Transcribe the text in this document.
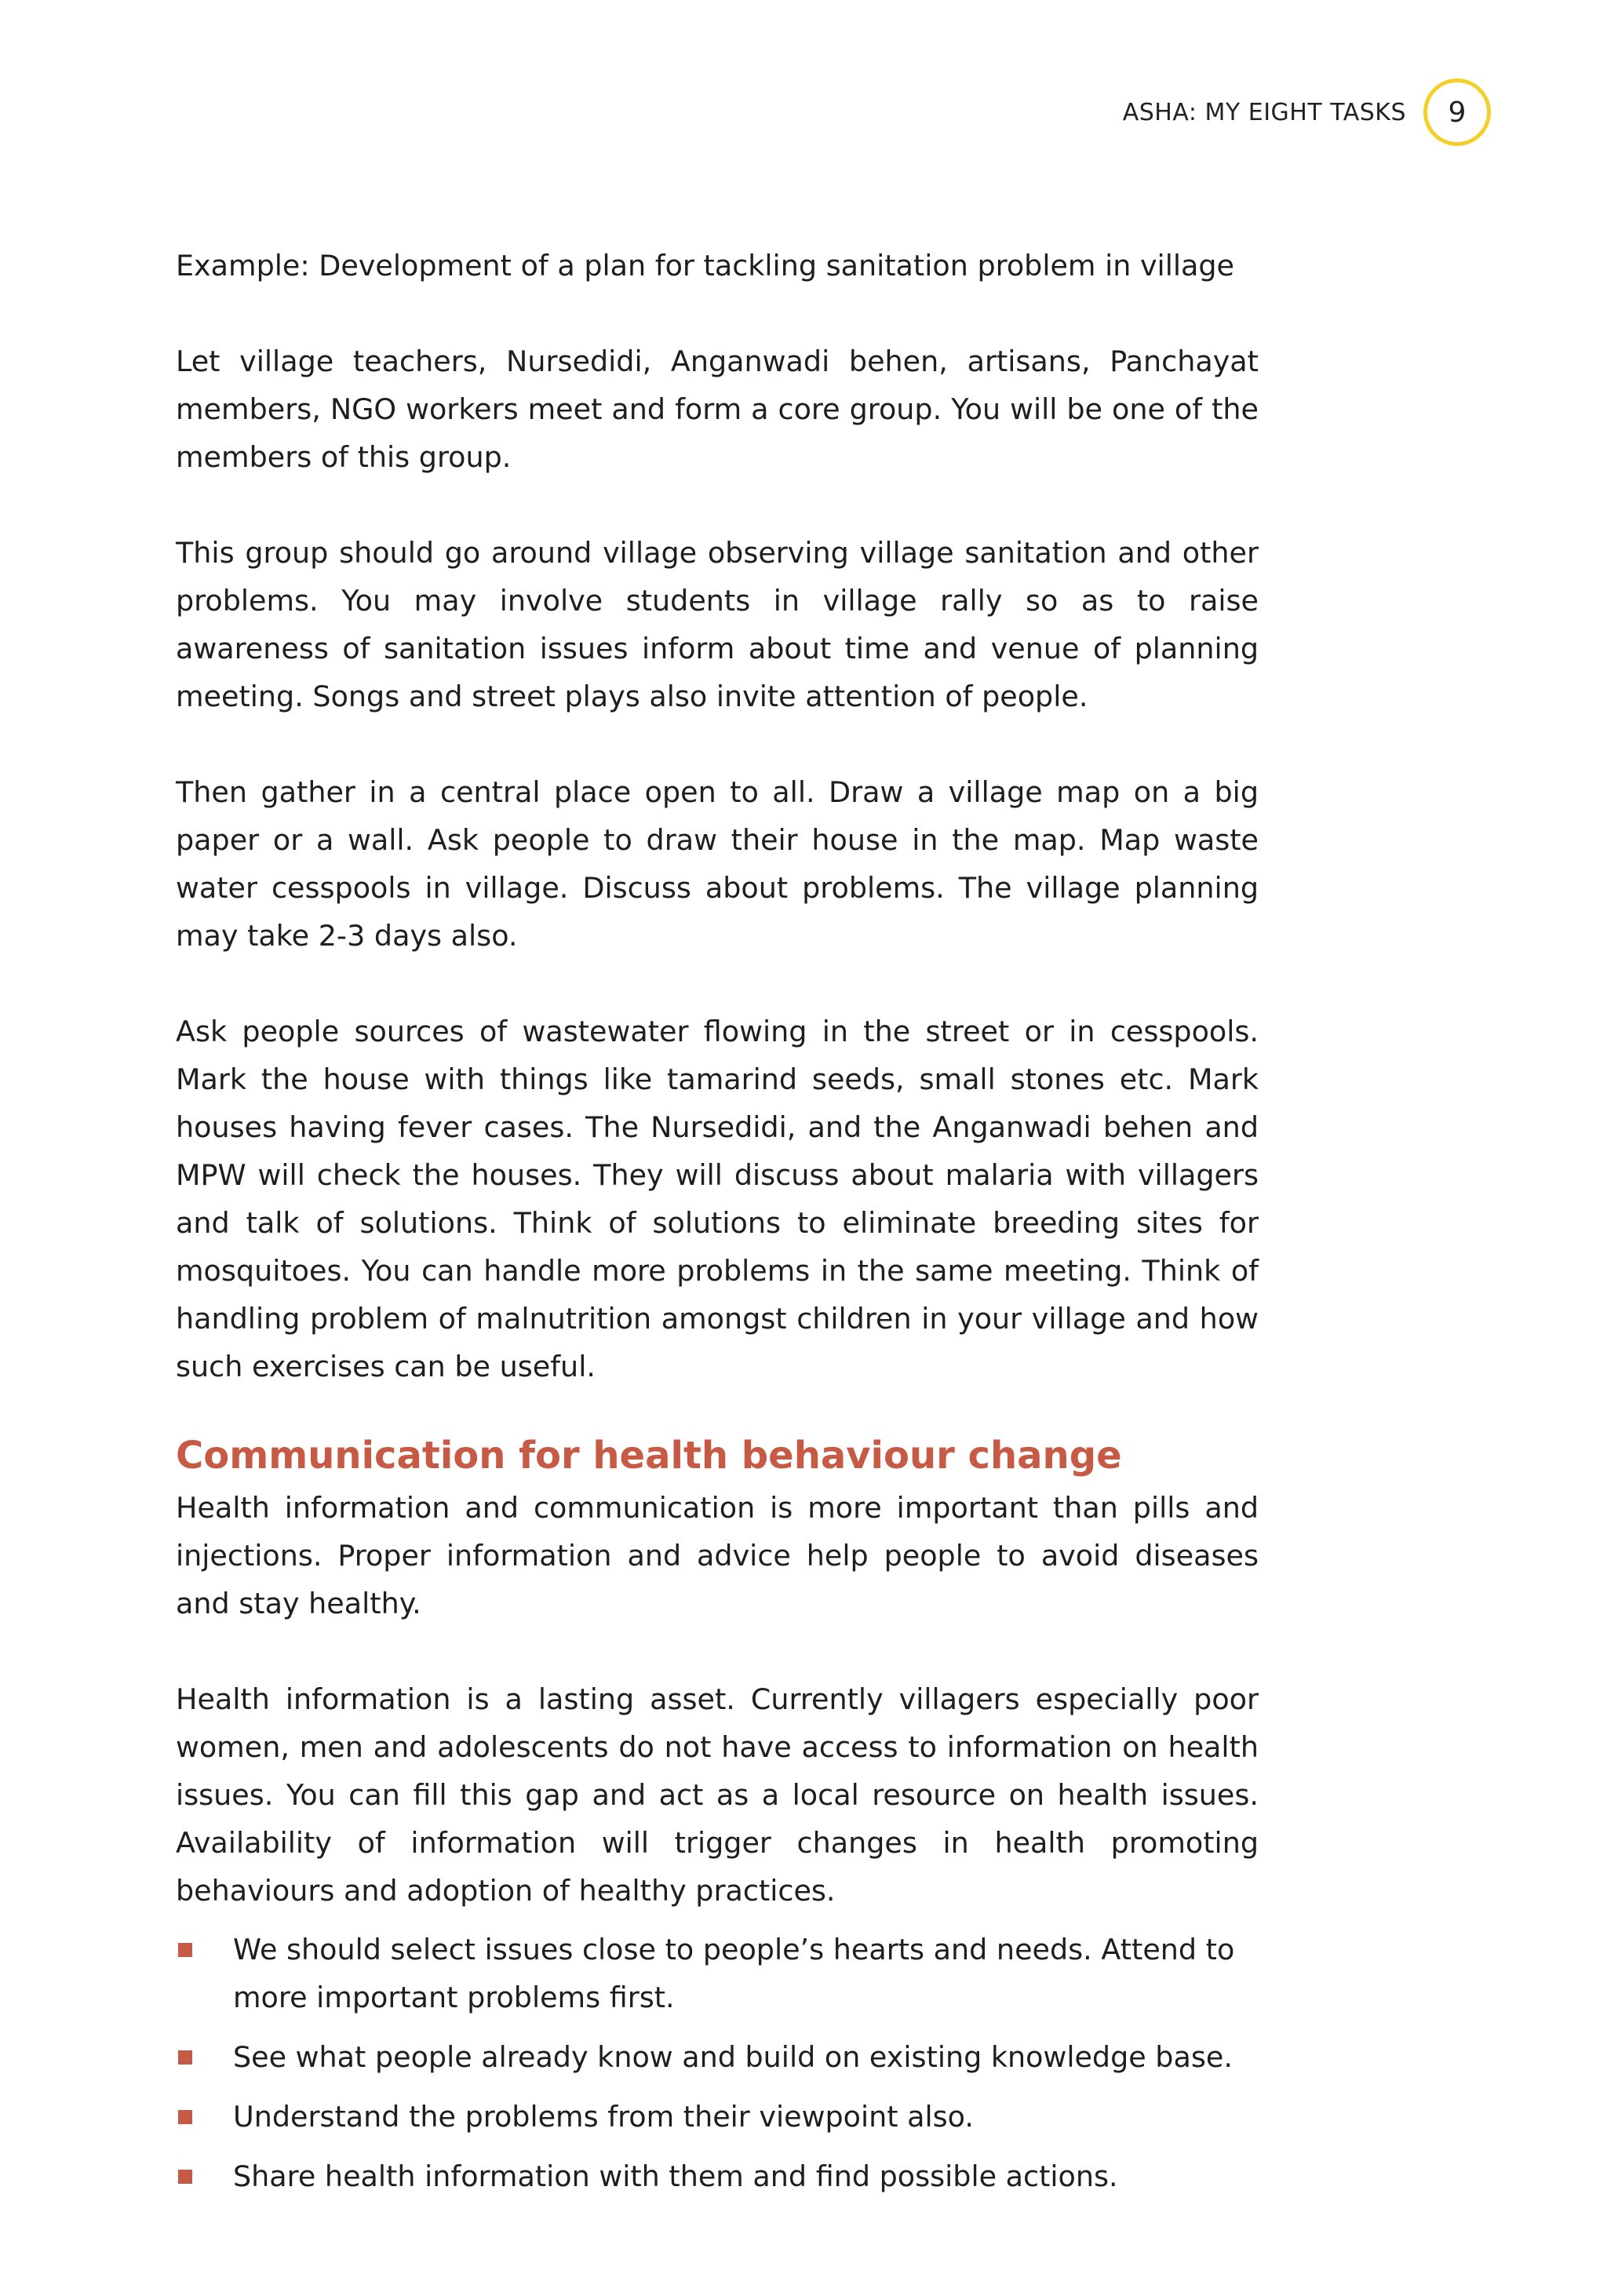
ASHA: MY EIGHT TASKS	9

Example: Development of a plan for tackling sanitation problem in village

Let village teachers, Nursedidi, Anganwadi behen, artisans, Panchayat members, NGO workers meet and form a core group. You will be one of the members of this group.

This group should go around village observing village sanitation and other problems. You may involve students in village rally so as to raise awareness of sanitation issues inform about time and venue of planning meeting. Songs and street plays also invite attention of people.

Then gather in a central place open to all. Draw a village map on a big paper or a wall. Ask people to draw their house in the map. Map waste water cesspools in village. Discuss about problems. The village planning may take 2-3 days also.

Ask people sources of wastewater flowing in the street or in cesspools. Mark the house with things like tamarind seeds, small stones etc. Mark houses having fever cases. The Nursedidi, and the Anganwadi behen and MPW will check the houses. They will discuss about malaria with villagers and talk of solutions. Think of solutions to eliminate breeding sites for mosquitoes. You can handle more problems in the same meeting. Think of handling problem of malnutrition amongst children in your village and how such exercises can be useful.

Communication for health behaviour change

Health information and communication is more important than pills and injections. Proper information and advice help people to avoid diseases and stay healthy.

Health information is a lasting asset. Currently villagers especially poor women, men and adolescents do not have access to information on health issues. You can fill this gap and act as a local resource on health issues. Availability of information will trigger changes in health promoting behaviours and adoption of healthy practices.

We should select issues close to people’s hearts and needs. Attend to more important problems first.
See what people already know and build on existing knowledge base.
Understand the problems from their viewpoint also.
Share health information with them and find possible actions.
